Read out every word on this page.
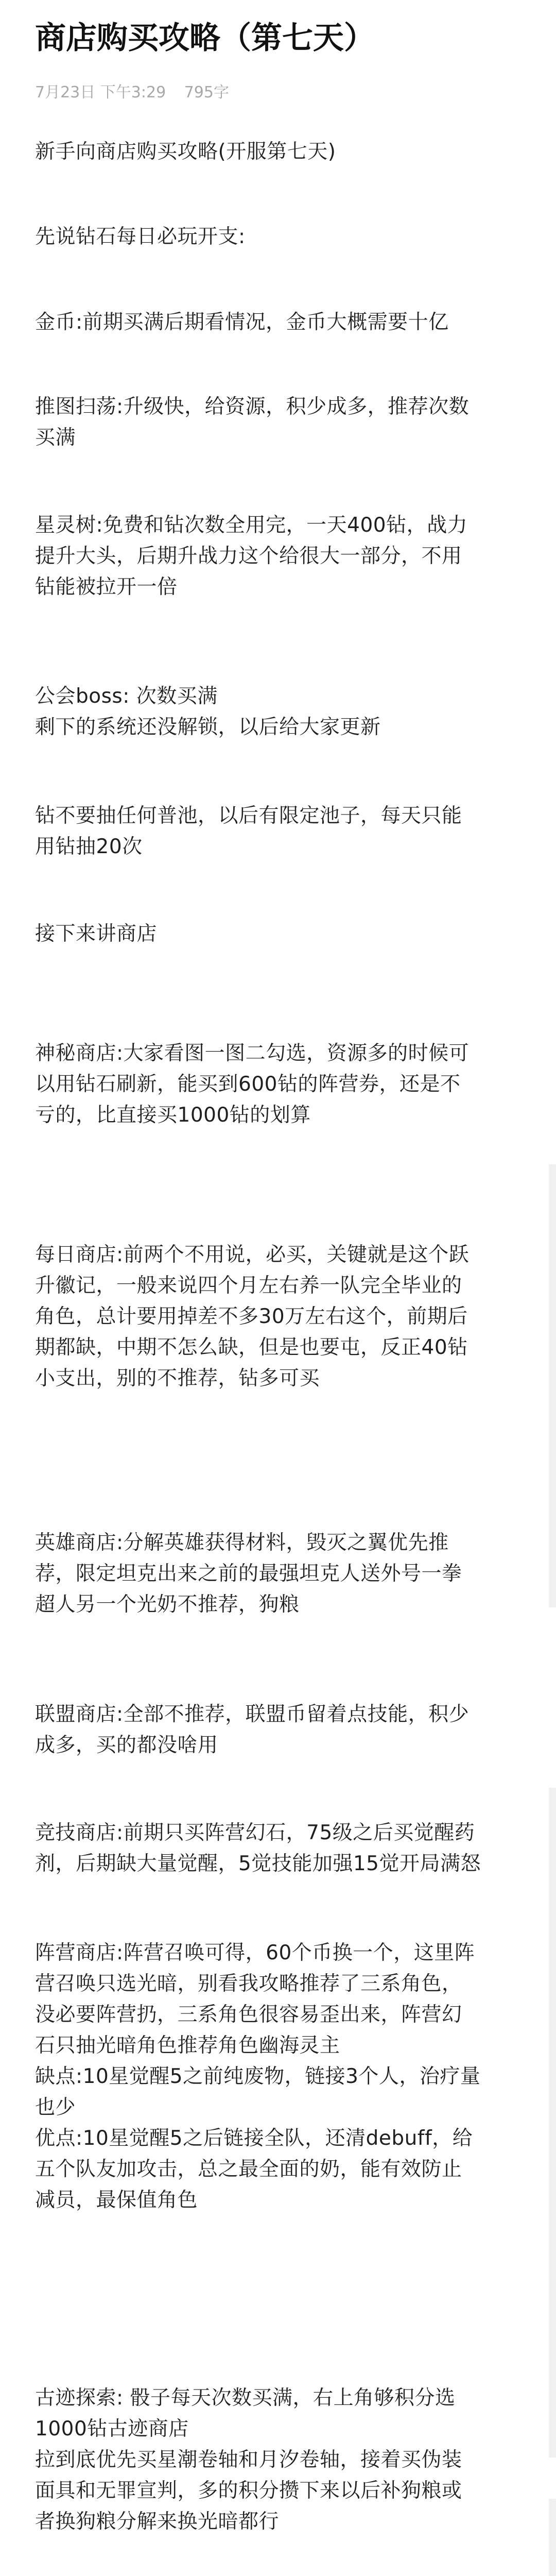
商店购买攻略（第七天）
7月23日 下午3:29 795字
新手向商店购买攻略(开服第七天)
先说钻石每日必玩开支:
金币:前期买满后期看情况，金币大概需要十亿
推图扫荡:升级快，给资源，积少成多，推荐次数
买满
星灵树:免费和钻次数全用完，一天400钻，战力
提升大头，后期升战力这个给很大一部分，不用
钻能被拉开一倍
公会boss: 次数买满
剩下的系统还没解锁，以后给大家更新
钻不要抽任何普池，以后有限定池子，每天只能
用钻抽20次
接下来讲商店
神秘商店:大家看图一图二勾选，资源多的时候可
以用钻石刷新，能买到600钻的阵营券，还是不
亏的，比直接买1000钻的划算
每日商店:前两个不用说，必买，关键就是这个跃
升徽记，一般来说四个月左右养一队完全毕业的
角色，总计要用掉差不多30万左右这个，前期后
期都缺，中期不怎么缺，但是也要屯，反正40钻
小支出，别的不推荐，钻多可买
英雄商店:分解英雄获得材料，毁灭之翼优先推
荐，限定坦克出来之前的最强坦克人送外号一拳
超人另一个光奶不推荐，狗粮
联盟商店:全部不推荐，联盟币留着点技能，积少
成多，买的都没啥用
竞技商店:前期只买阵营幻石，75级之后买觉醒药
剂，后期缺大量觉醒，5觉技能加强15觉开局满怒
阵营商店:阵营召唤可得，60个币换一个，这里阵
营召唤只选光暗，别看我攻略推荐了三系角色，
没必要阵营扔，三系角色很容易歪出来，阵营幻
石只抽光暗角色推荐角色幽海灵主
缺点:10星觉醒5之前纯废物，链接3个人，治疗量
也少
优点:10星觉醒5之后链接全队，还清debuff，给
五个队友加攻击，总之最全面的奶，能有效防止
减员，最保值角色
古迹探索: 骰子每天次数买满，右上角够积分选
1000钻古迹商店
拉到底优先买星潮卷轴和月汐卷轴，接着买伪装
面具和无罪宣判，多的积分攒下来以后补狗粮或
者换狗粮分解来换光暗都行
